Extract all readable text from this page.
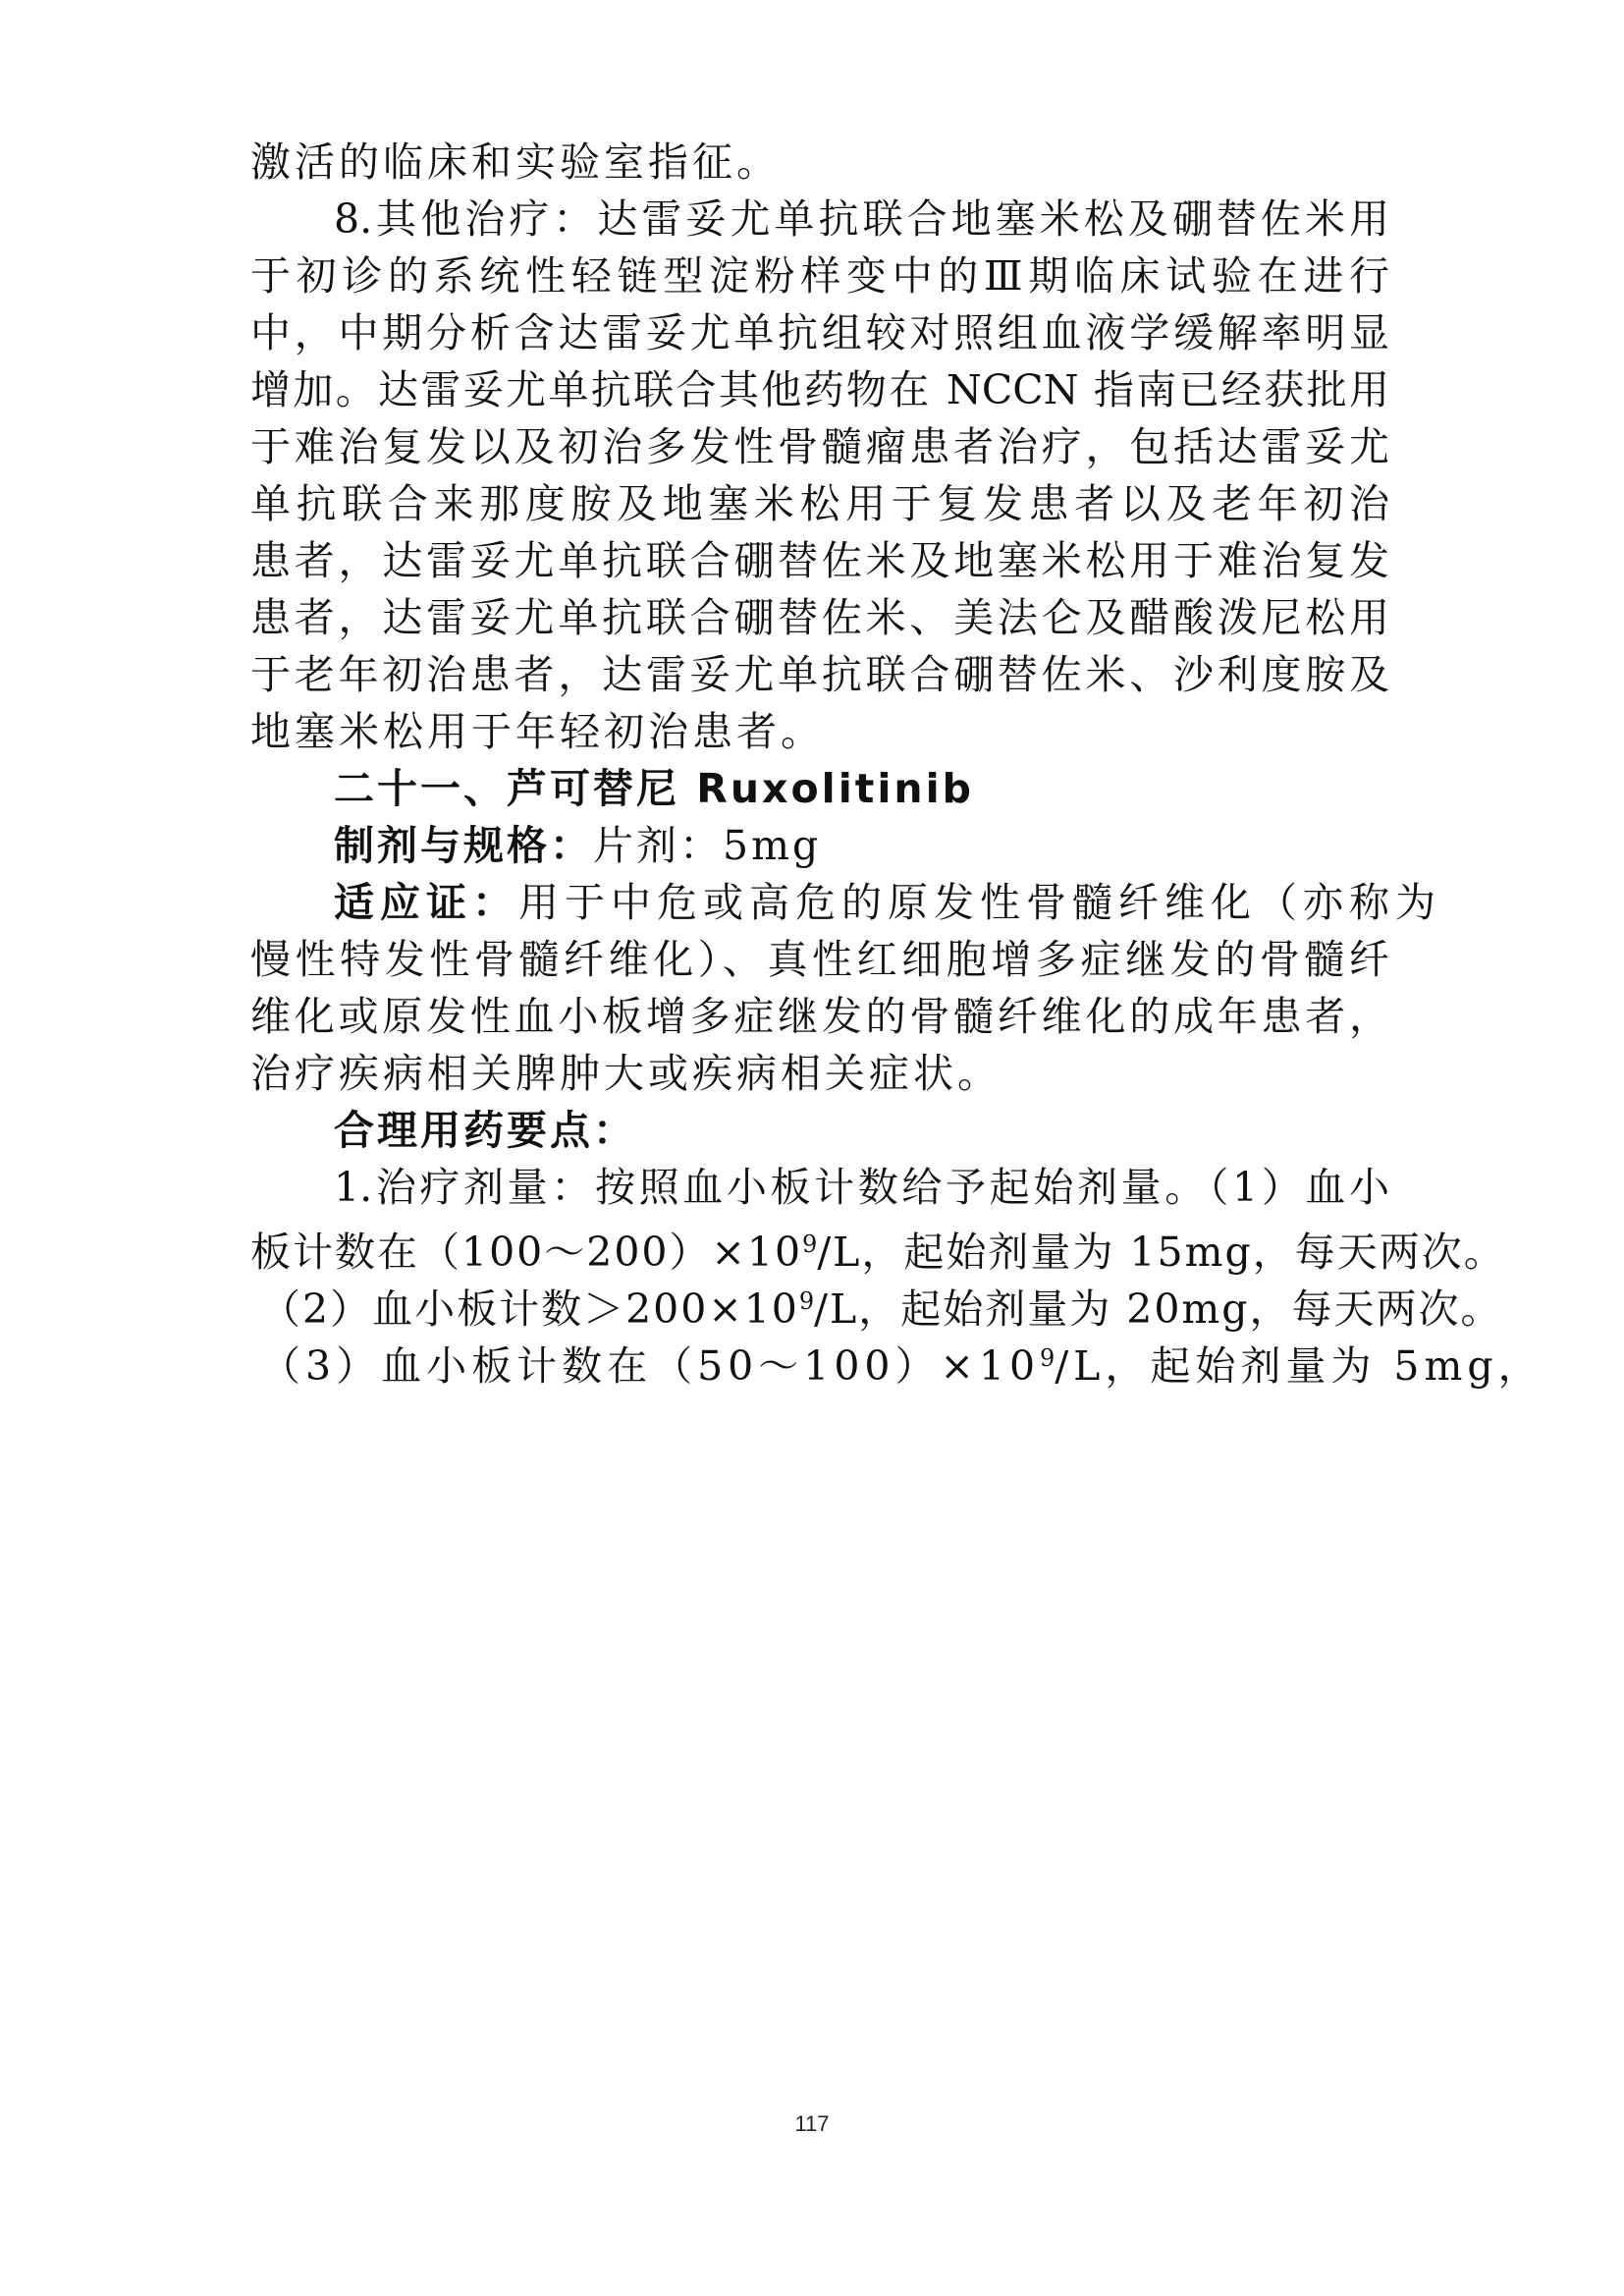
激活的临床和实验室指征。
8.其他治疗：达雷妥尤单抗联合地塞米松及硼替佐米用
于初诊的系统性轻链型淀粉样变中的Ⅲ期临床试验在进行
中，中期分析含达雷妥尤单抗组较对照组血液学缓解率明显
增加。达雷妥尤单抗联合其他药物在 NCCN 指南已经获批用
于难治复发以及初治多发性骨髓瘤患者治疗，包括达雷妥尤
单抗联合来那度胺及地塞米松用于复发患者以及老年初治
患者，达雷妥尤单抗联合硼替佐米及地塞米松用于难治复发
患者，达雷妥尤单抗联合硼替佐米、美法仑及醋酸泼尼松用
于老年初治患者，达雷妥尤单抗联合硼替佐米、沙利度胺及
地塞米松用于年轻初治患者。
二十一、芦可替尼 Ruxolitinib
制剂与规格：片剂：5mg
适应证：用于中危或高危的原发性骨髓纤维化（亦称为
慢性特发性骨髓纤维化）、真性红细胞增多症继发的骨髓纤
维化或原发性血小板增多症继发的骨髓纤维化的成年患者，
治疗疾病相关脾肿大或疾病相关症状。
合理用药要点：
1.治疗剂量：按照血小板计数给予起始剂量。（1）血小
板计数在$(100\sim 200)\times 10^9/L$，起始剂量为 15mg，每天两次。
（2）血小板计数$>200\times 10^9/L$，起始剂量为 20mg，每天两次。
（3）血小板计数在$(50\sim 100)\times 10^9/L$，起始剂量为 5mg，
117
